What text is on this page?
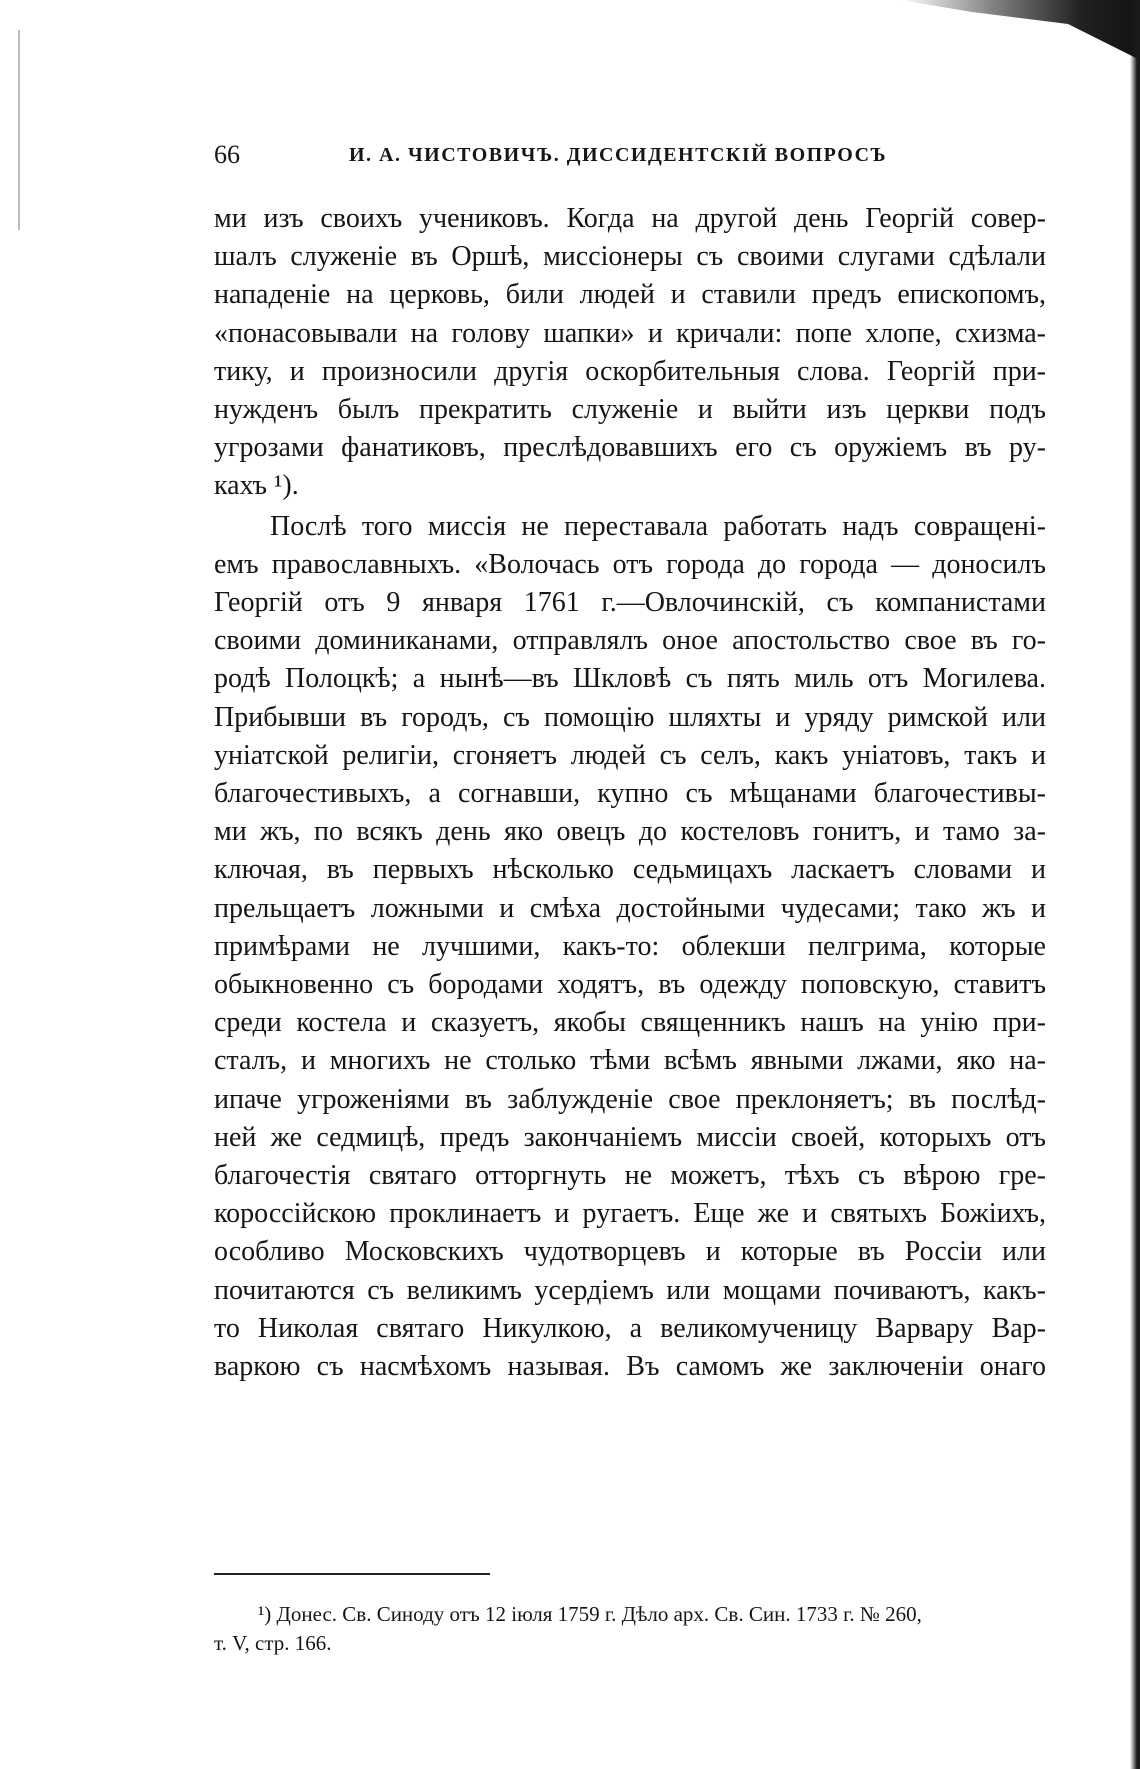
66	И. А. ЧИСТОВИЧЪ. ДИССИДЕНТСКІЙ ВОПРОСЪ
ми изъ своихъ учениковъ. Когда на другой день Георгій совер-
шалъ служеніе въ Оршѣ, миссіонеры съ своими слугами сдѣлали
нападеніе на церковь, били людей и ставили предъ епископомъ,
«понасовывали на голову шапки» и кричали: попе хлопе, схизма-
тику, и произносили другія оскорбительныя слова. Георгій при-
нужденъ былъ прекратить служеніе и выйти изъ церкви подъ
угрозами фанатиковъ, преслѣдовавшихъ его съ оружіемъ въ ру-
кахъ ¹).
Послѣ того миссія не переставала работать надъ совращені-
емъ православныхъ. «Волочась отъ города до города — доносилъ
Георгій отъ 9 января 1761 г.—Овлочинскій, съ компанистами
своими доминиканами, отправлялъ оное апостольство свое въ го-
родѣ Полоцкѣ; а нынѣ—въ Шкловѣ съ пять миль отъ Могилева.
Прибывши въ городъ, съ помощію шляхты и уряду римской или
уніатской религіи, сгоняетъ людей съ селъ, какъ уніатовъ, такъ и
благочестивыхъ, а согнавши, купно съ мѣщанами благочестивы-
ми жъ, по всякъ день яко овецъ до костеловъ гонитъ, и тамо за-
ключая, въ первыхъ нѣсколько седьмицахъ ласкаетъ словами и
прельщаетъ ложными и смѣха достойными чудесами; тако жъ и
примѣрами не лучшими, какъ-то: облекши пелгрима, которые
обыкновенно съ бородами ходятъ, въ одежду поповскую, ставитъ
среди костела и сказуетъ, якобы священникъ нашъ на унію при-
сталъ, и многихъ не столько тѣми всѣмъ явными лжами, яко на-
ипаче угроженіями въ заблужденіе свое преклоняетъ; въ послѣд-
ней же седмицѣ, предъ закончаніемъ миссіи своей, которыхъ отъ
благочестія святаго отторгнуть не можетъ, тѣхъ съ вѣрою гре-
короссійскою проклинаетъ и ругаетъ. Еще же и святыхъ Божіихъ,
особливо Московскихъ чудотворцевъ и которые въ Россіи или
почитаются съ великимъ усердіемъ или мощами почиваютъ, какъ-
то Николая святаго Никулкою, а великомученицу Варвару Вар-
варкою съ насмѣхомъ называя. Въ самомъ же заключеніи онаго
¹) Донес. Св. Синоду отъ 12 іюля 1759 г. Дѣло арх. Св. Син. 1733 г. № 260,
т. V, стр. 166.
